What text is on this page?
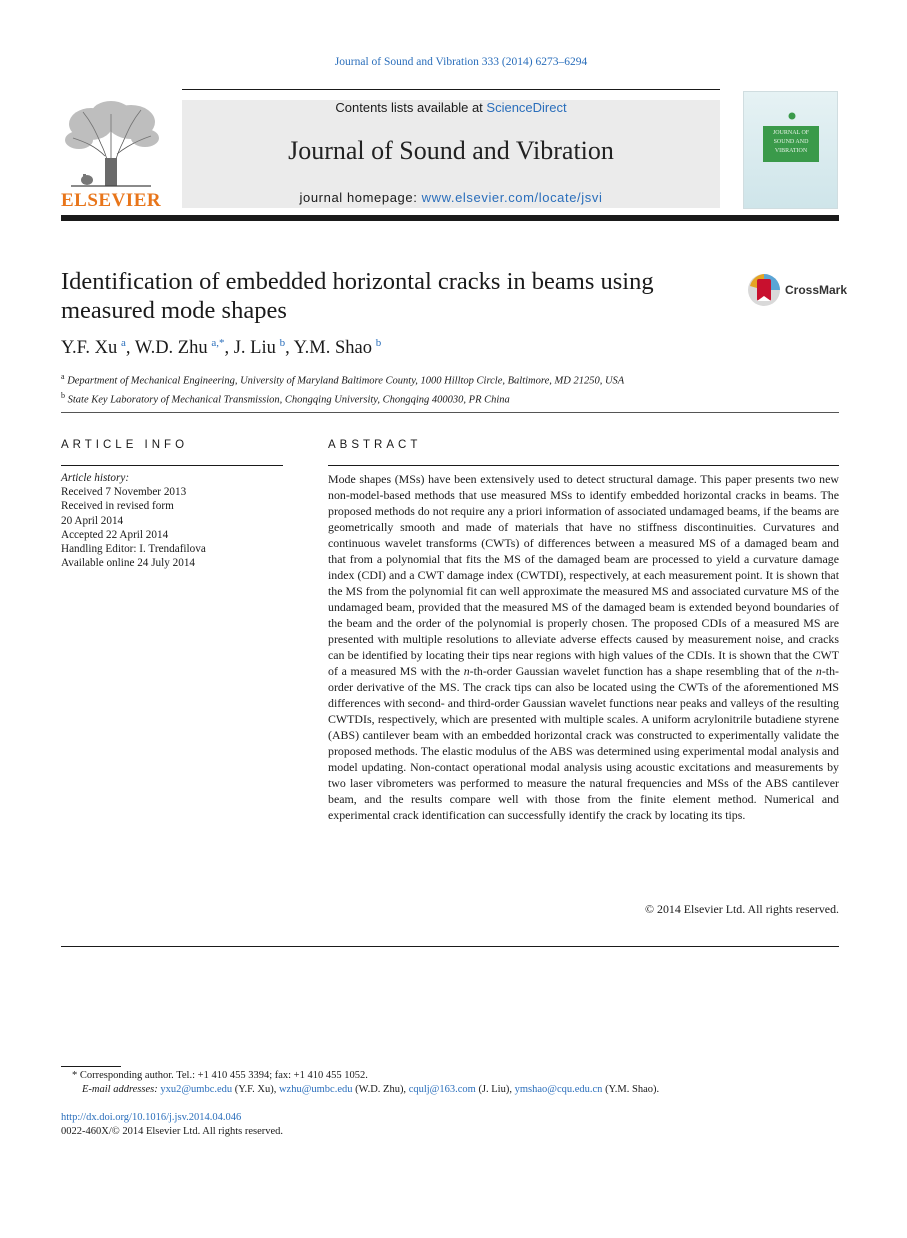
Journal of Sound and Vibration 333 (2014) 6273–6294
ELSEVIER
Contents lists available at ScienceDirect
Journal of Sound and Vibration
journal homepage: www.elsevier.com/locate/jsvi
JOURNAL OF
SOUND AND
VIBRATION
Identification of embedded horizontal cracks in beams using
measured mode shapes
CrossMark
Y.F. Xu  $^a$, W.D. Zhu  $^{a,*}$, J. Liu  $^b$, Y.M. Shao  $^b$
$^a$ Department of Mechanical Engineering, University of Maryland Baltimore County, 1000 Hilltop Circle, Baltimore, MD 21250, USA
$^b$ State Key Laboratory of Mechanical Transmission, Chongqing University, Chongqing 400030, PR China
ARTICLE INFO
Article history:
Received 7 November 2013
Received in revised form
20 April 2014
Accepted 22 April 2014
Handling Editor: I. Trendafilova
Available online 24 July 2014
ABSTRACT
Mode shapes (MSs) have been extensively used to detect structural damage. This paper presents two new non-model-based methods that use measured MSs to identify embedded horizontal cracks in beams. The proposed methods do not require any a priori information of associated undamaged beams, if the beams are geometrically smooth and made of materials that have no stiffness discontinuities. Curvatures and continuous wavelet transforms (CWTs) of differences between a measured MS of a damaged beam and that from a polynomial that fits the MS of the damaged beam are processed to yield a curvature damage index (CDI) and a CWT damage index (CWTDI), respectively, at each measurement point. It is shown that the MS from the polynomial fit can well approximate the measured MS and associated curvature MS of the undamaged beam, provided that the measured MS of the damaged beam is extended beyond boundaries of the beam and the order of the polynomial is properly chosen. The proposed CDIs of a measured MS are presented with multiple resolutions to alleviate adverse effects caused by measurement noise, and cracks can be identified by locating their tips near regions with high values of the CDIs. It is shown that the CWT of a measured MS with the n-th-order Gaussian wavelet function has a shape resembling that of the n-th-order derivative of the MS. The crack tips can also be located using the CWTs of the aforementioned MS differences with second- and third-order Gaussian wavelet functions near peaks and valleys of the resulting CWTDIs, respectively, which are presented with multiple scales. A uniform acrylonitrile butadiene styrene (ABS) cantilever beam with an embedded horizontal crack was constructed to experimentally validate the proposed methods. The elastic modulus of the ABS was determined using experimental modal analysis and model updating. Non-contact operational modal analysis using acoustic excitations and measurements by two laser vibrometers was performed to measure the natural frequencies and MSs of the ABS cantilever beam, and the results compare well with those from the finite element method. Numerical and experimental crack identification can successfully identify the crack by locating its tips.
© 2014 Elsevier Ltd. All rights reserved.
* Corresponding author. Tel.: +1 410 455 3394; fax: +1 410 455 1052.
E-mail addresses: yxu2@umbc.edu (Y.F. Xu), wzhu@umbc.edu (W.D. Zhu), cqulj@163.com (J. Liu), ymshao@cqu.edu.cn (Y.M. Shao).
http://dx.doi.org/10.1016/j.jsv.2014.04.046
0022-460X/© 2014 Elsevier Ltd. All rights reserved.
